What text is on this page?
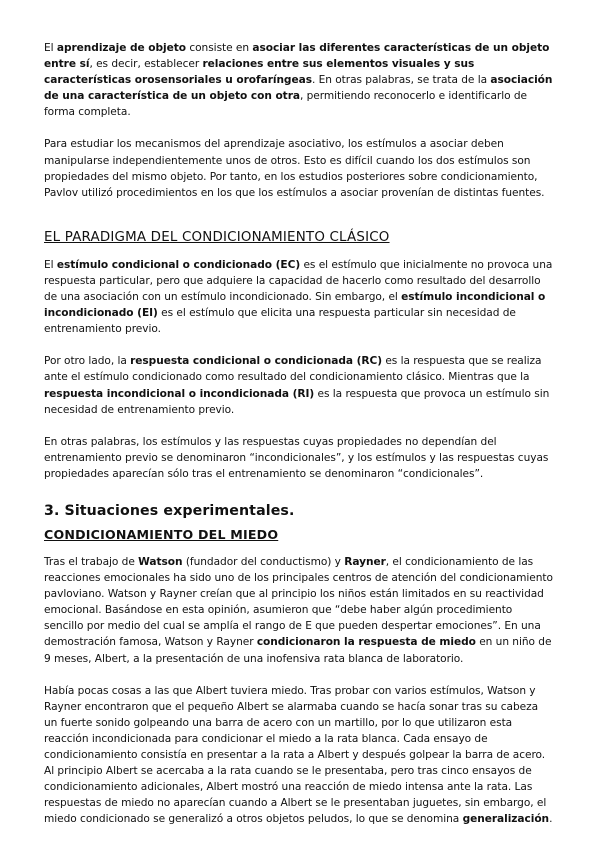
El aprendizaje de objeto consiste en asociar las diferentes características de un objeto entre sí, es decir, establecer relaciones entre sus elementos visuales y sus características orosensoriales u orofaríngeas. En otras palabras, se trata de la asociación de una característica de un objeto con otra, permitiendo reconocerlo e identificarlo de forma completa.

Para estudiar los mecanismos del aprendizaje asociativo, los estímulos a asociar deben manipularse independientemente unos de otros. Esto es difícil cuando los dos estímulos son propiedades del mismo objeto. Por tanto, en los estudios posteriores sobre condicionamiento, Pavlov utilizó procedimientos en los que los estímulos a asociar provenían de distintas fuentes.

EL PARADIGMA DEL CONDICIONAMIENTO CLÁSICO

El estímulo condicional o condicionado (EC) es el estímulo que inicialmente no provoca una respuesta particular, pero que adquiere la capacidad de hacerlo como resultado del desarrollo de una asociación con un estímulo incondicionado. Sin embargo, el estímulo incondicional o incondicionado (EI) es el estímulo que elicita una respuesta particular sin necesidad de entrenamiento previo.

Por otro lado, la respuesta condicional o condicionada (RC) es la respuesta que se realiza ante el estímulo condicionado como resultado del condicionamiento clásico. Mientras que la respuesta incondicional o incondicionada (RI) es la respuesta que provoca un estímulo sin necesidad de entrenamiento previo.

En otras palabras, los estímulos y las respuestas cuyas propiedades no dependían del entrenamiento previo se denominaron “incondicionales”, y los estímulos y las respuestas cuyas propiedades aparecían sólo tras el entrenamiento se denominaron “condicionales”.

3. Situaciones experimentales.
CONDICIONAMIENTO DEL MIEDO

Tras el trabajo de Watson (fundador del conductismo) y Rayner, el condicionamiento de las reacciones emocionales ha sido uno de los principales centros de atención del condicionamiento pavloviano. Watson y Rayner creían que al principio los niños están limitados en su reactividad emocional. Basándose en esta opinión, asumieron que “debe haber algún procedimiento sencillo por medio del cual se amplía el rango de E que pueden despertar emociones”. En una demostración famosa, Watson y Rayner condicionaron la respuesta de miedo en un niño de 9 meses, Albert, a la presentación de una inofensiva rata blanca de laboratorio.

Había pocas cosas a las que Albert tuviera miedo. Tras probar con varios estímulos, Watson y Rayner encontraron que el pequeño Albert se alarmaba cuando se hacía sonar tras su cabeza un fuerte sonido golpeando una barra de acero con un martillo, por lo que utilizaron esta reacción incondicionada para condicionar el miedo a la rata blanca. Cada ensayo de condicionamiento consistía en presentar a la rata a Albert y después golpear la barra de acero. Al principio Albert se acercaba a la rata cuando se le presentaba, pero tras cinco ensayos de condicionamiento adicionales, Albert mostró una reacción de miedo intensa ante la rata. Las respuestas de miedo no aparecían cuando a Albert se le presentaban juguetes, sin embargo, el miedo condicionado se generalizó a otros objetos peludos, lo que se denomina generalización.
